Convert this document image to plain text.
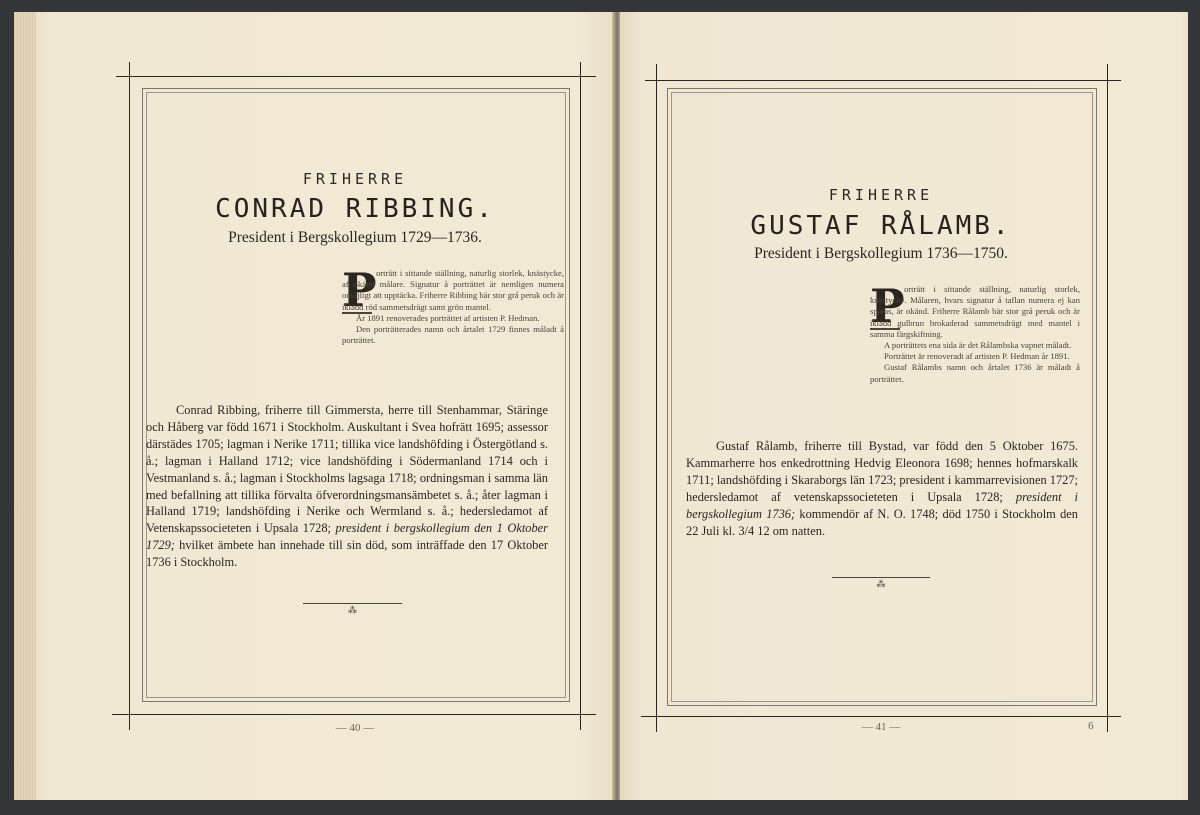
FRIHERRE
CONRAD RIBBING.
President i Bergskollegium 1729—1736.
P orträtt i sittande ställning, naturlig storlek, knästycke, af okänd målare. Signatur å porträttet är nemligen numera omöjligt att upptäcka. Friherre Ribbing bär stor grå peruk och är iklädd röd sammetsdrägt samt grön mantel.

År 1891 renoverades porträttet af artisten P. Hedman.

Den porträtterades namn och årtalet 1729 finnes måladt å porträttet.

Conrad Ribbing, friherre till Gimmersta, herre till Stenhammar, Stäringe och Håberg var född 1671 i Stockholm. Auskultant i Svea hofrätt 1695; assessor därstädes 1705; lagman i Nerike 1711; tillika vice landshöfding i Östergötland s. å.; lagman i Halland 1712; vice landshöfding i Södermanland 1714 och i Vestmanland s. å.; lagman i Stockholms lagsaga 1718; ordningsman i samma län med befallning att tillika förvalta öfverordningsmansämbetet s. å.; åter lagman i Halland 1719; landshöfding i Nerike och Wermland s. å.; hedersledamot af Vetenskapssocieteten i Upsala 1728; president i bergskollegium den 1 Oktober 1729; hvilket ämbete han innehade till sin död, som inträffade den 17 Oktober 1736 i Stockholm.

⁂
— 40 —
FRIHERRE
GUSTAF RÅLAMB.
President i Bergskollegium 1736—1750.
P orträtt i sittande ställning, naturlig storlek, knästycke. Målaren, hvars signatur å taflan numera ej kan spåras, är okänd. Friherre Rålamb bär stor grå peruk och är iklädd gulbrun brokaderad sammetsdrägt med mantel i samma färgskiftning.

A porträttets ena sida är det Rålambska vapnet måladt.

Porträttet är renoveradt af artisten P. Hedman år 1891.

Gustaf Rålambs namn och årtalet 1736 är måladt å porträttet.

Gustaf Rålamb, friherre till Bystad, var född den 5 Oktober 1675. Kammarherre hos enkedrottning Hedvig Eleonora 1698; hennes hofmarskalk 1711; landshöfding i Skaraborgs län 1723; president i kammarrevisionen 1727; hedersledamot af vetenskapssocieteten i Upsala 1728; president i bergskollegium 1736; kommendör af N. O. 1748; död 1750 i Stockholm den 22 Juli kl. 3/4 12 om natten.

⁂
— 41 —	6
